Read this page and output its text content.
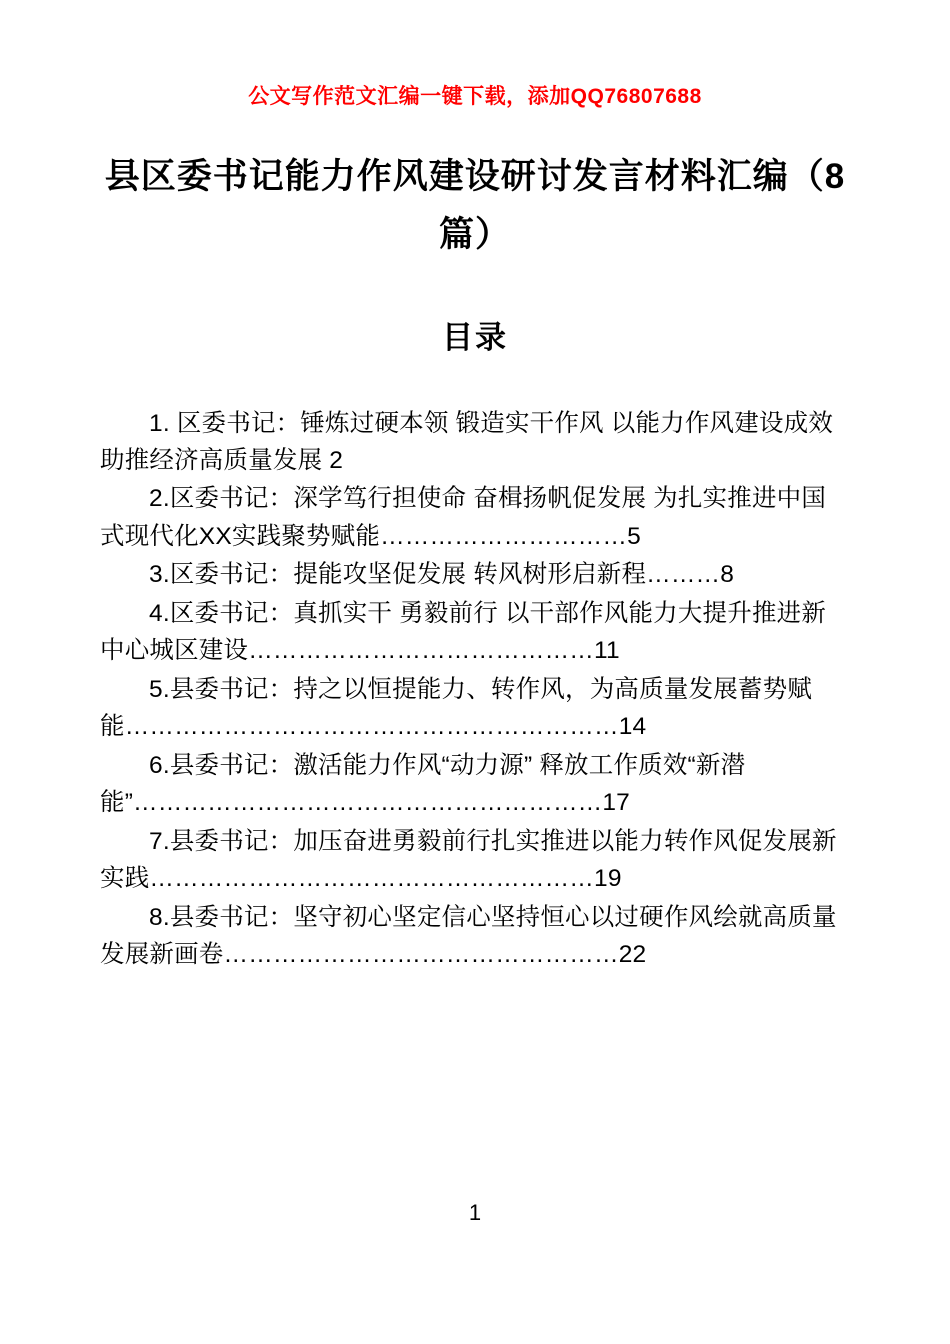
公文写作范文汇编一键下载，添加QQ76807688
县区委书记能力作风建设研讨发言材料汇编（8篇）
目录
1. 区委书记：锤炼过硬本领 锻造实干作风 以能力作风建设成效助推经济高质量发展 2
2.区委书记：深学笃行担使命 奋楫扬帆促发展 为扎实推进中国式现代化XX实践聚势赋能…………………………5
3.区委书记：提能攻坚促发展 转风树形启新程………8
4.区委书记：真抓实干 勇毅前行 以干部作风能力大提升推进新中心城区建设……………………………………11
5.县委书记：持之以恒提能力、转作风，为高质量发展蓄势赋能……………………………………………………14
6.县委书记：激活能力作风“动力源” 释放工作质效“新潜能”…………………………………………………17
7.县委书记：加压奋进勇毅前行扎实推进以能力转作风促发展新实践………………………………………………19
8.县委书记：坚守初心坚定信心坚持恒心以过硬作风绘就高质量发展新画卷…………………………………………22
1
